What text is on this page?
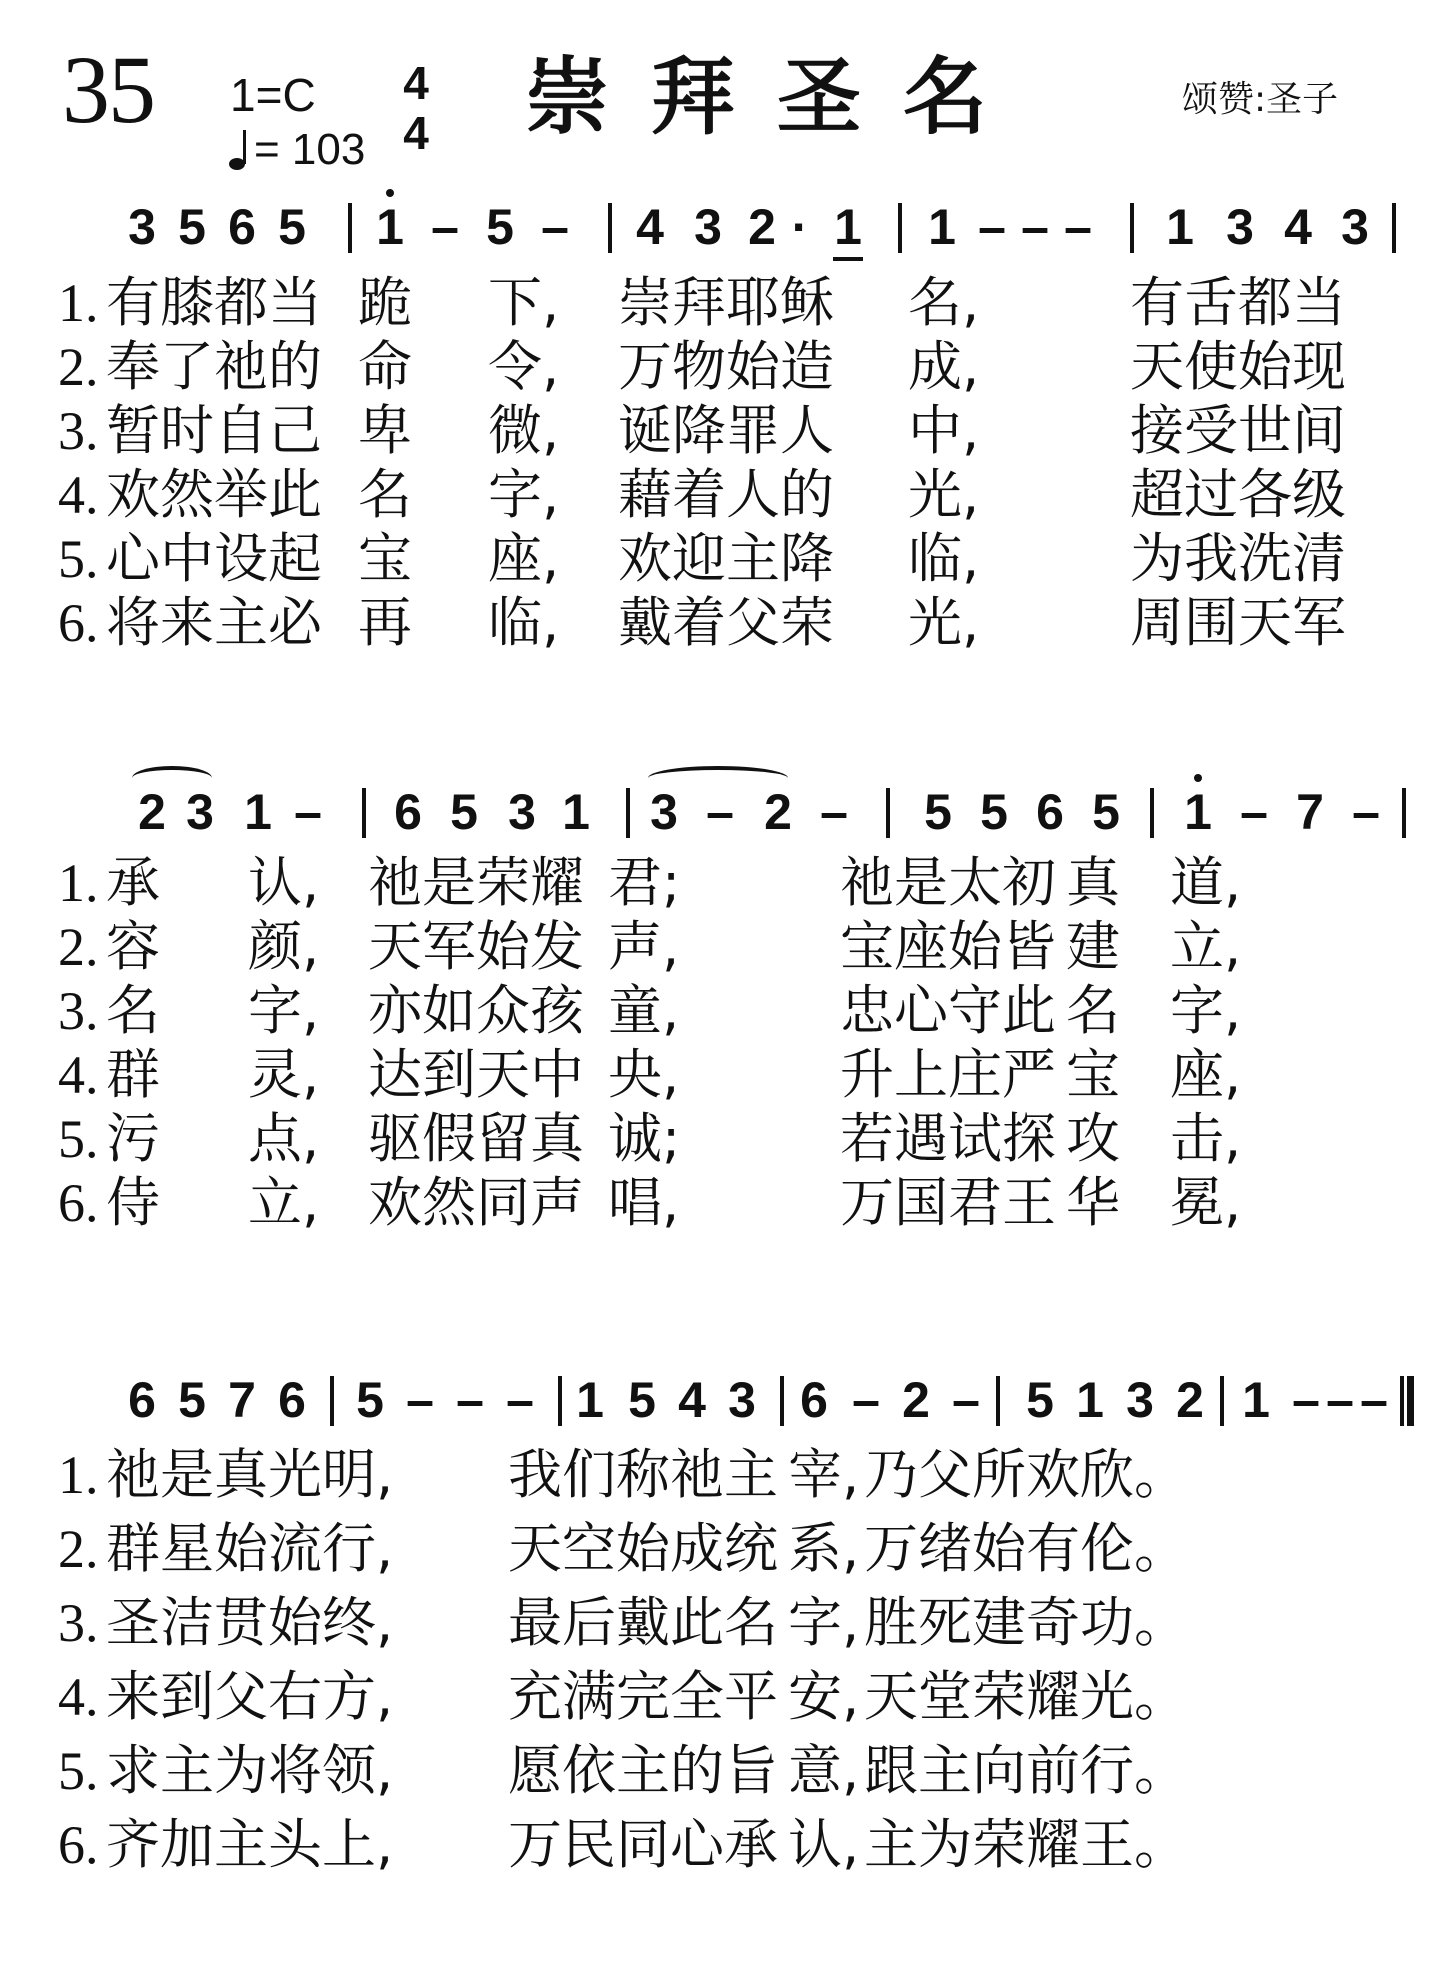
35 1=C
= 103
4
4 崇拜圣名	颂赞:圣子
3 5 6 5 1 – 5 – 4 3 2 · 1 1 – – – 1 3 4 3
1. 有膝都当 跪 下, 崇拜耶稣 名,	有舌都当
2. 奉了祂的 命 令, 万物始造 成,	天使始现
3. 暂时自己 卑 微, 诞降罪人 中,	接受世间
4. 欢然举此 名 字, 藉着人的 光,	超过各级
5. 心中设起 宝 座, 欢迎主降 临,	为我洗清
6. 将来主必 再 临, 戴着父荣 光,	周围天军
2 3 1 – 6 5 3 1 3 – 2 – 5 5 6 5 1 – 7 –
1. 承 认, 祂是荣耀 君;	祂是太初 真 道,
2. 容 颜, 天军始发 声,	宝座始皆 建 立,
3. 名 字, 亦如众孩 童,	忠心守此 名 字,
4. 群 灵, 达到天中 央,	升上庄严 宝 座,
5. 污 点, 驱假留真 诚;	若遇试探 攻 击,
6. 侍 立, 欢然同声 唱,	万国君王 华 冕,
6 5 7 6 5 – – – 1 5 4 3 6 – 2 – 5 1 3 2 1 – – –
1. 祂是真光明, 我们称祂主 宰, 乃父所欢欣。
2. 群星始流行, 天空始成统 系, 万绪始有伦。
3. 圣洁贯始终, 最后戴此名 字, 胜死建奇功。
4. 来到父右方, 充满完全平 安, 天堂荣耀光。
5. 求主为将领, 愿依主的旨 意, 跟主向前行。
6. 齐加主头上, 万民同心承 认, 主为荣耀王。
